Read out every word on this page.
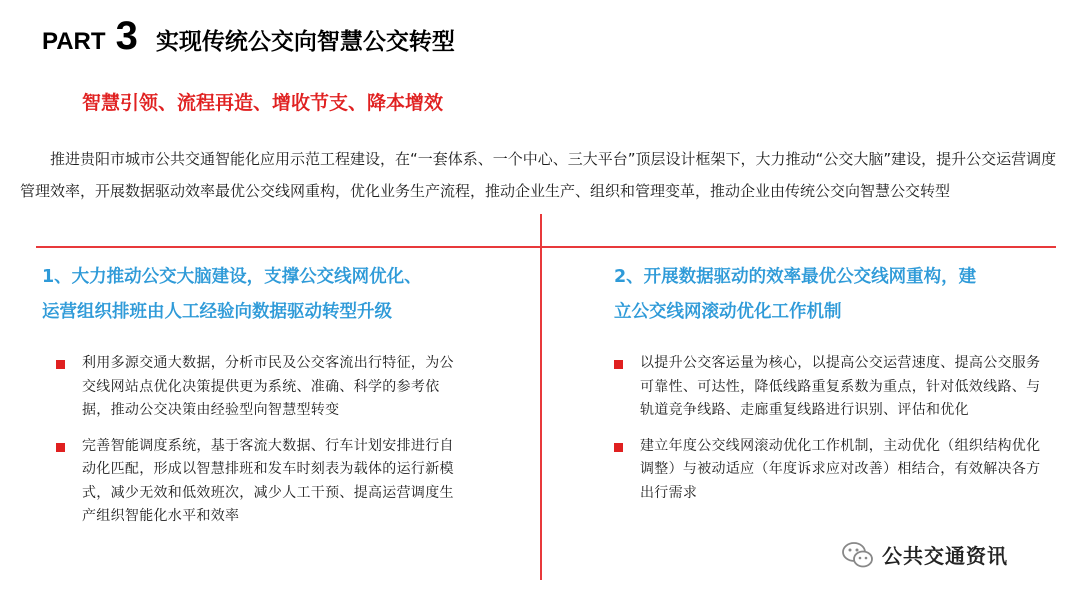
PART 3 实现传统公交向智慧公交转型
智慧引领、流程再造、增收节支、降本增效

推进贵阳市城市公共交通智能化应用示范工程建设，在“一套体系、一个中心、三大平台”顶层设计框架下，大力推动“公交大脑”建设，提升公交运营调度管理效率，开展数据驱动效率最优公交线网重构，优化业务生产流程，推动企业生产、组织和管理变革，推动企业由传统公交向智慧公交转型

1、大力推动公交大脑建设，支撑公交线网优化、
运营组织排班由人工经验向数据驱动转型升级

利用多源交通大数据，分析市民及公交客流出行特征，为公交线网站点优化决策提供更为系统、准确、科学的参考依据，推动公交决策由经验型向智慧型转变
完善智能调度系统，基于客流大数据、行车计划安排进行自动化匹配，形成以智慧排班和发车时刻表为载体的运行新模式，减少无效和低效班次，减少人工干预、提高运营调度生产组织智能化水平和效率

2、开展数据驱动的效率最优公交线网重构，建
立公交线网滚动优化工作机制

以提升公交客运量为核心，以提高公交运营速度、提高公交服务可靠性、可达性，降低线路重复系数为重点，针对低效线路、与轨道竞争线路、走廊重复线路进行识别、评估和优化
建立年度公交线网滚动优化工作机制，主动优化（组织结构优化调整）与被动适应（年度诉求应对改善）相结合，有效解决各方出行需求
公共交通资讯
